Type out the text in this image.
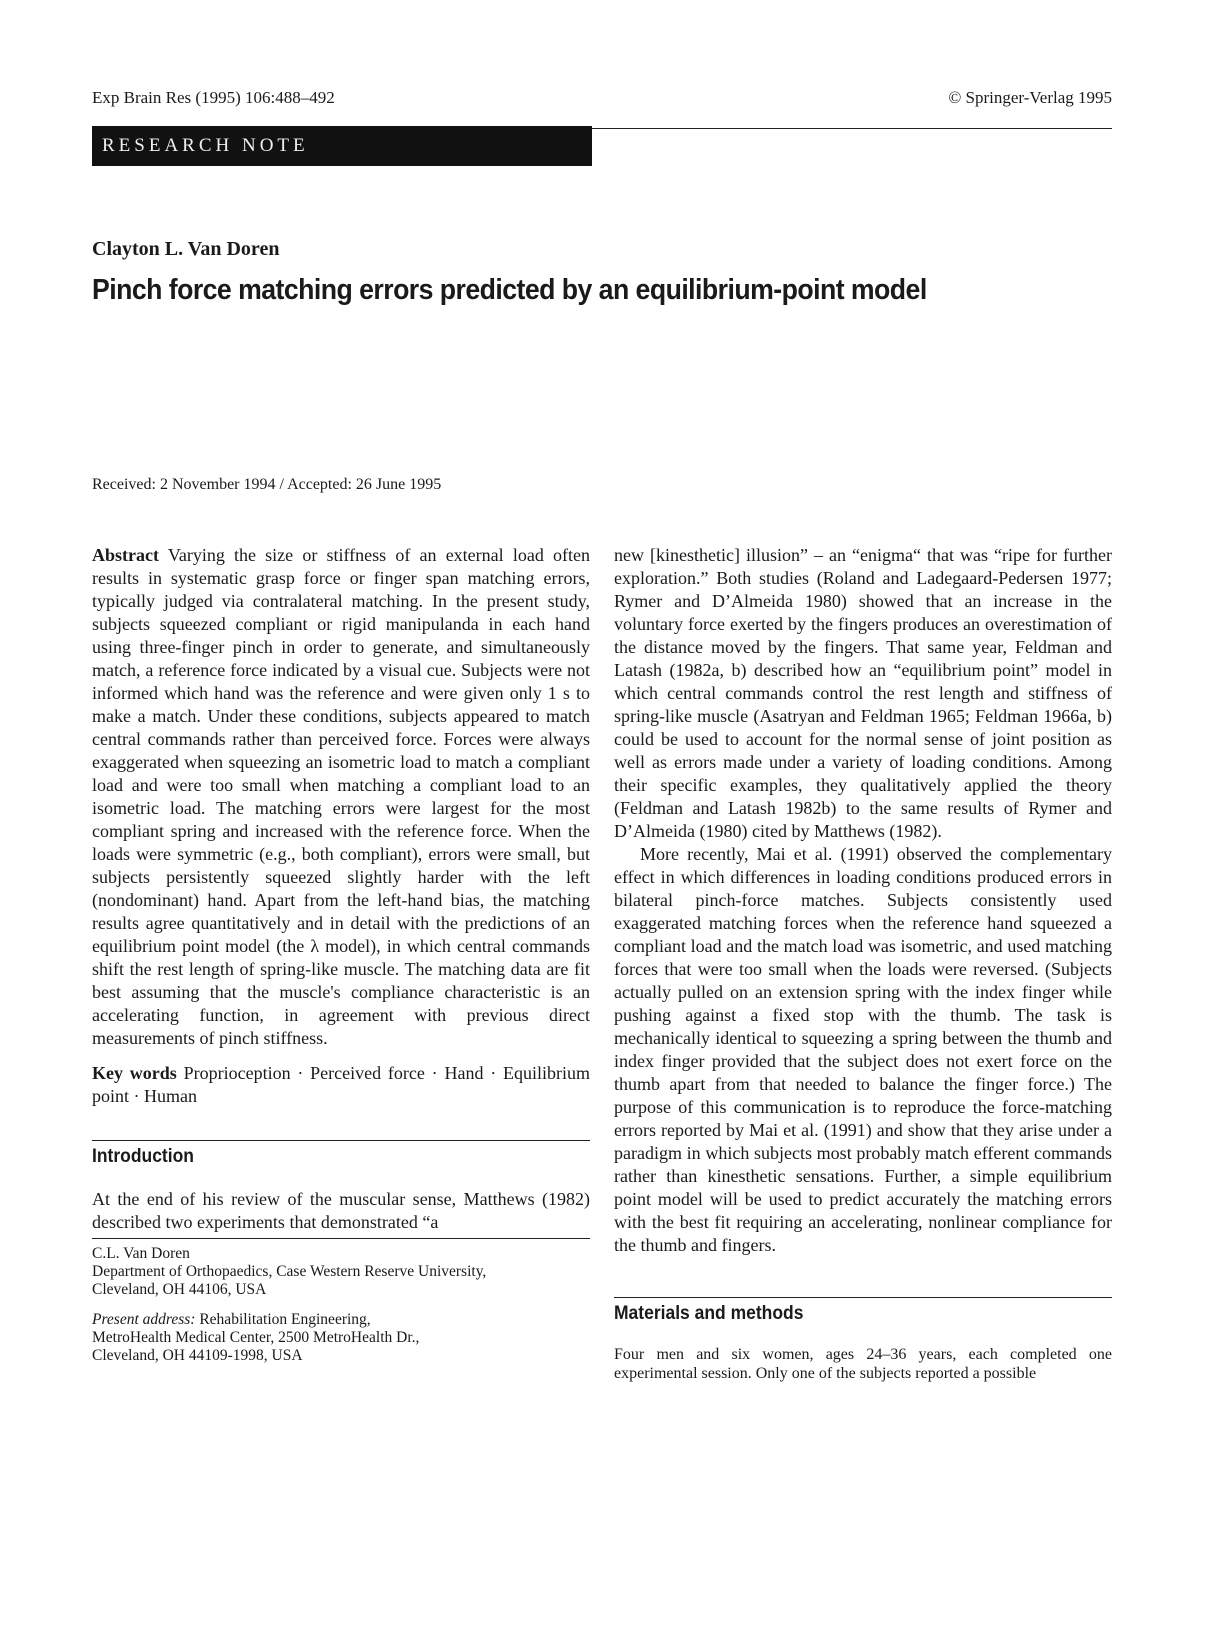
Exp Brain Res (1995) 106:488–492	© Springer-Verlag 1995
RESEARCH NOTE
Clayton L. Van Doren
Pinch force matching errors predicted by an equilibrium-point model
Received: 2 November 1994 / Accepted: 26 June 1995

Abstract Varying the size or stiffness of an external load often results in systematic grasp force or finger span matching errors, typically judged via contralateral matching. In the present study, subjects squeezed compliant or rigid manipulanda in each hand using three-finger pinch in order to generate, and simultaneously match, a reference force indicated by a visual cue. Subjects were not informed which hand was the reference and were given only 1 s to make a match. Under these conditions, subjects appeared to match central commands rather than perceived force. Forces were always exaggerated when squeezing an isometric load to match a compliant load and were too small when matching a compliant load to an isometric load. The matching errors were largest for the most compliant spring and increased with the reference force. When the loads were symmetric (e.g., both compliant), errors were small, but subjects persistently squeezed slightly harder with the left (nondominant) hand. Apart from the left-hand bias, the matching results agree quantitatively and in detail with the predictions of an equilibrium point model (the λ model), in which central commands shift the rest length of spring-like muscle. The matching data are fit best assuming that the muscle's compliance characteristic is an accelerating function, in agreement with previous direct measurements of pinch stiffness.

Key words Proprioception · Perceived force · Hand · Equilibrium point · Human

Introduction

At the end of his review of the muscular sense, Matthews (1982) described two experiments that demonstrated “a

C.L. Van Doren
Department of Orthopaedics, Case Western Reserve University,
Cleveland, OH 44106, USA
Present address: Rehabilitation Engineering,
MetroHealth Medical Center, 2500 MetroHealth Dr.,
Cleveland, OH 44109-1998, USA

new [kinesthetic] illusion” – an “enigma“ that was “ripe for further exploration.” Both studies (Roland and Ladegaard-Pedersen 1977; Rymer and D’Almeida 1980) showed that an increase in the voluntary force exerted by the fingers produces an overestimation of the distance moved by the fingers. That same year, Feldman and Latash (1982a, b) described how an “equilibrium point” model in which central commands control the rest length and stiffness of spring-like muscle (Asatryan and Feldman 1965; Feldman 1966a, b) could be used to account for the normal sense of joint position as well as errors made under a variety of loading conditions. Among their specific examples, they qualitatively applied the theory (Feldman and Latash 1982b) to the same results of Rymer and D’Almeida (1980) cited by Matthews (1982).

More recently, Mai et al. (1991) observed the complementary effect in which differences in loading conditions produced errors in bilateral pinch-force matches. Subjects consistently used exaggerated matching forces when the reference hand squeezed a compliant load and the match load was isometric, and used matching forces that were too small when the loads were reversed. (Subjects actually pulled on an extension spring with the index finger while pushing against a fixed stop with the thumb. The task is mechanically identical to squeezing a spring between the thumb and index finger provided that the subject does not exert force on the thumb apart from that needed to balance the finger force.) The purpose of this communication is to reproduce the force-matching errors reported by Mai et al. (1991) and show that they arise under a paradigm in which subjects most probably match efferent commands rather than kinesthetic sensations. Further, a simple equilibrium point model will be used to predict accurately the matching errors with the best fit requiring an accelerating, nonlinear compliance for the thumb and fingers.

Materials and methods

Four men and six women, ages 24–36 years, each completed one experimental session. Only one of the subjects reported a possible
